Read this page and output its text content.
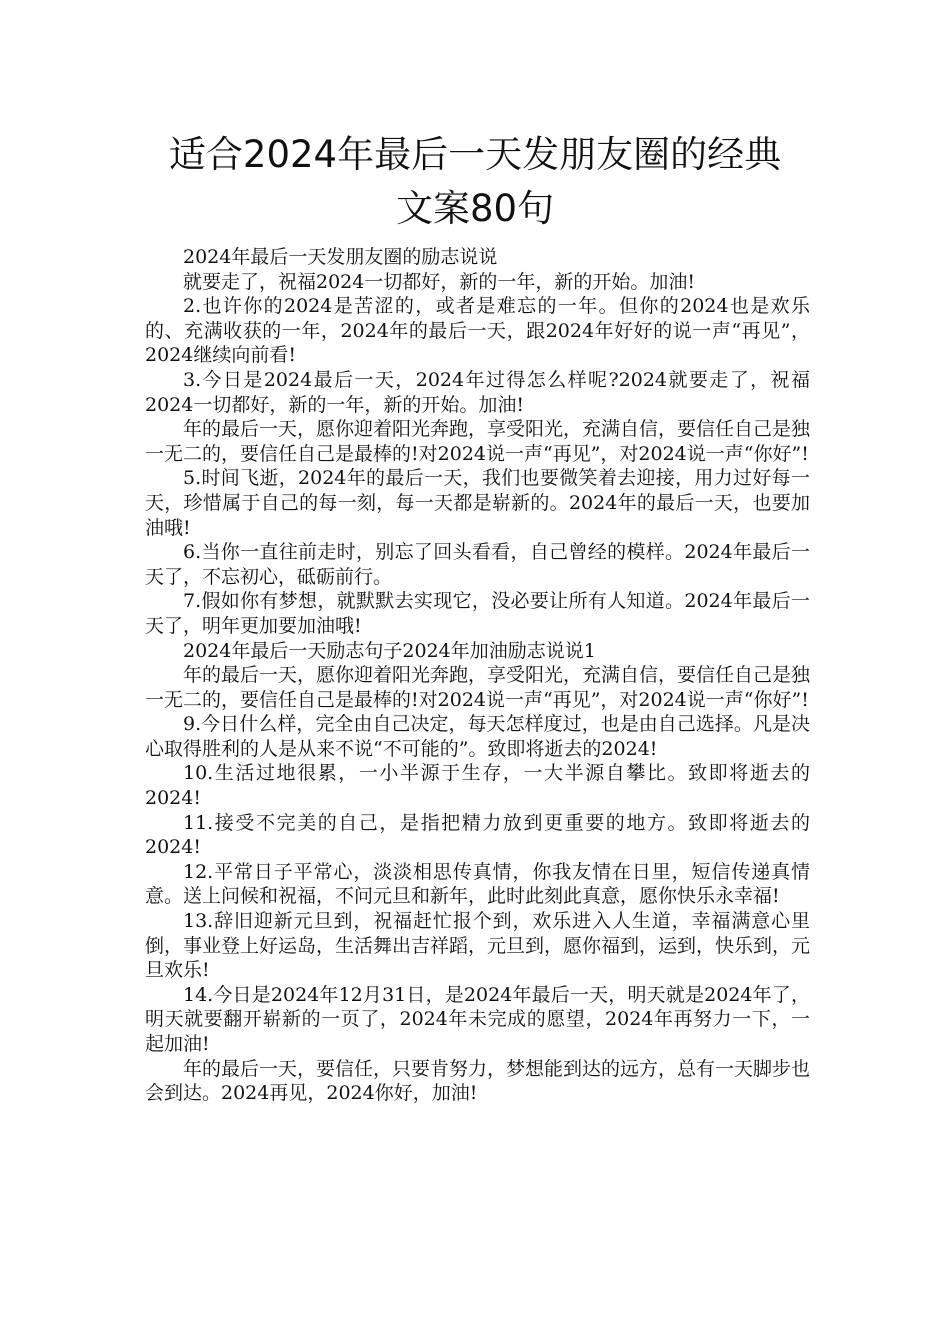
适合2024年最后一天发朋友圈的经典
文案80句

2024年最后一天发朋友圈的励志说说

就要走了，祝福2024一切都好，新的一年，新的开始。加油!

2.也许你的2024是苦涩的，或者是难忘的一年。但你的2024也是欢乐的、充满收获的一年，2024年的最后一天，跟2024年好好的说一声“再见”，2024继续向前看!

3.今日是2024最后一天，2024年过得怎么样呢?2024就要走了，祝福2024一切都好，新的一年，新的开始。加油!

年的最后一天，愿你迎着阳光奔跑，享受阳光，充满自信，要信任自己是独一无二的，要信任自己是最棒的!对2024说一声“再见”，对2024说一声“你好”!

5.时间飞逝，2024年的最后一天，我们也要微笑着去迎接，用力过好每一天，珍惜属于自己的每一刻，每一天都是崭新的。2024年的最后一天，也要加油哦!

6.当你一直往前走时，别忘了回头看看，自己曾经的模样。2024年最后一天了，不忘初心，砥砺前行。

7.假如你有梦想，就默默去实现它，没必要让所有人知道。2024年最后一天了，明年更加要加油哦!

2024年最后一天励志句子2024年加油励志说说1

年的最后一天，愿你迎着阳光奔跑，享受阳光，充满自信，要信任自己是独一无二的，要信任自己是最棒的!对2024说一声“再见”，对2024说一声“你好”!

9.今日什么样，完全由自己决定，每天怎样度过，也是由自己选择。凡是决心取得胜利的人是从来不说“不可能的”。致即将逝去的2024!

10.生活过地很累，一小半源于生存，一大半源自攀比。致即将逝去的2024!

11.接受不完美的自己，是指把精力放到更重要的地方。致即将逝去的2024!

12.平常日子平常心，淡淡相思传真情，你我友情在日里，短信传递真情意。送上问候和祝福，不问元旦和新年，此时此刻此真意，愿你快乐永幸福!

13.辞旧迎新元旦到，祝福赶忙报个到，欢乐进入人生道，幸福满意心里倒，事业登上好运岛，生活舞出吉祥蹈，元旦到，愿你福到，运到，快乐到，元旦欢乐!

14.今日是2024年12月31日，是2024年最后一天，明天就是2024年了，明天就要翻开崭新的一页了，2024年未完成的愿望，2024年再努力一下，一起加油!

年的最后一天，要信任，只要肯努力，梦想能到达的远方，总有一天脚步也会到达。2024再见，2024你好，加油!
